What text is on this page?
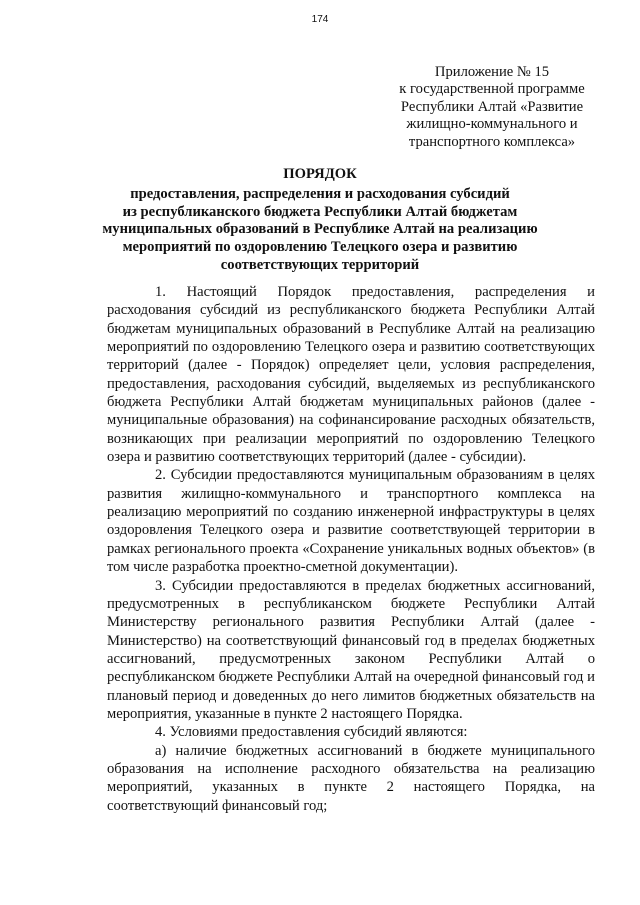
174
Приложение № 15
к государственной программе
Республики Алтай «Развитие
жилищно-коммунального и
транспортного комплекса»
ПОРЯДОК
предоставления, распределения и расходования субсидий
из республиканского бюджета Республики Алтай бюджетам
муниципальных образований в Республике Алтай на реализацию
мероприятий по оздоровлению Телецкого озера и развитию
соответствующих территорий

1. Настоящий Порядок предоставления, распределения и расходования субсидий из республиканского бюджета Республики Алтай бюджетам муниципальных образований в Республике Алтай на реализацию мероприятий по оздоровлению Телецкого озера и развитию соответствующих территорий (далее - Порядок) определяет цели, условия распределения, предоставления, расходования субсидий, выделяемых из республиканского бюджета Республики Алтай бюджетам муниципальных районов (далее - муниципальные образования) на софинансирование расходных обязательств, возникающих при реализации мероприятий по оздоровлению Телецкого озера и развитию соответствующих территорий (далее - субсидии).

2. Субсидии предоставляются муниципальным образованиям в целях развития жилищно-коммунального и транспортного комплекса на реализацию мероприятий по созданию инженерной инфраструктуры в целях оздоровления Телецкого озера и развитие соответствующей территории в рамках регионального проекта «Сохранение уникальных водных объектов» (в том числе разработка проектно-сметной документации).

3. Субсидии предоставляются в пределах бюджетных ассигнований, предусмотренных в республиканском бюджете Республики Алтай Министерству регионального развития Республики Алтай (далее - Министерство) на соответствующий финансовый год в пределах бюджетных ассигнований, предусмотренных законом Республики Алтай о республиканском бюджете Республики Алтай на очередной финансовый год и плановый период и доведенных до него лимитов бюджетных обязательств на мероприятия, указанные в пункте 2 настоящего Порядка.

4. Условиями предоставления субсидий являются:

а) наличие бюджетных ассигнований в бюджете муниципального образования на исполнение расходного обязательства на реализацию мероприятий, указанных в пункте 2 настоящего Порядка, на соответствующий финансовый год;
